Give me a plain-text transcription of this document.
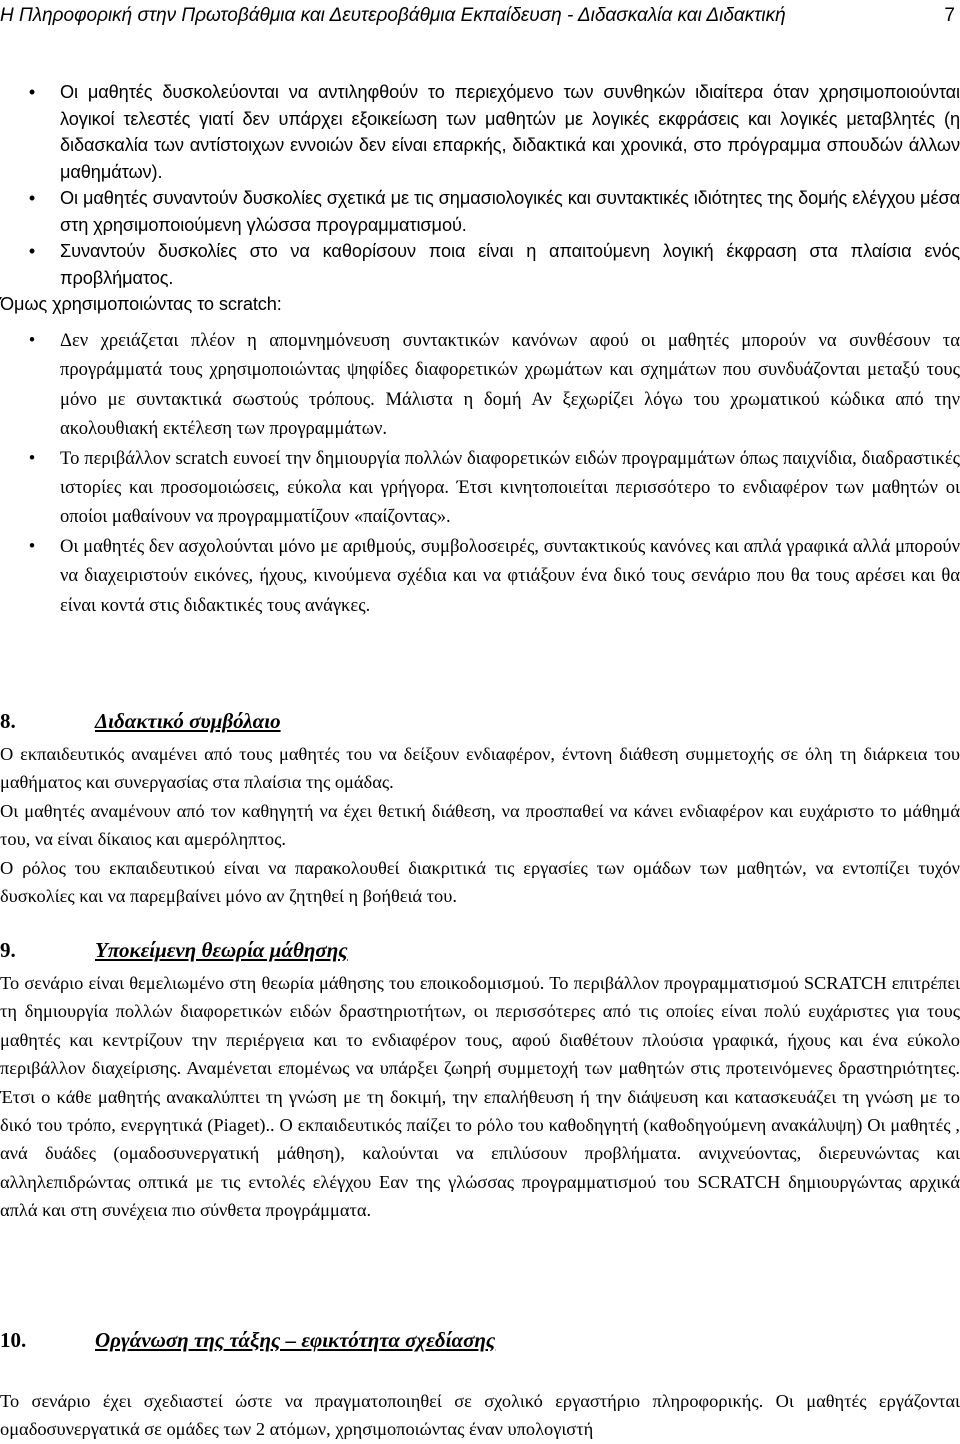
Η Πληροφορική στην Πρωτοβάθμια και Δευτεροβάθμια Εκπαίδευση - Διδασκαλία και Διδακτική	7
• Οι μαθητές δυσκολεύονται να αντιληφθούν το περιεχόμενο των συνθηκών ιδιαίτερα όταν χρησιμοποιούνται λογικοί τελεστές γιατί δεν υπάρχει εξοικείωση των μαθητών με λογικές εκφράσεις και λογικές μεταβλητές (η διδασκαλία των αντίστοιχων εννοιών δεν είναι επαρκής, διδακτικά και χρονικά, στο πρόγραμμα σπουδών άλλων μαθημάτων).
• Οι μαθητές συναντούν δυσκολίες σχετικά με τις σημασιολογικές και συντακτικές ιδιότητες της δομής ελέγχου μέσα στη χρησιμοποιούμενη γλώσσα προγραμματισμού.
• Συναντούν δυσκολίες στο να καθορίσουν ποια είναι η απαιτούμενη λογική έκφραση στα πλαίσια ενός προβλήματος.

Όμως χρησιμοποιώντας το scratch:

• Δεν χρειάζεται πλέον η απομνημόνευση συντακτικών κανόνων αφού οι μαθητές μπορούν να συνθέσουν τα προγράμματά τους χρησιμοποιώντας ψηφίδες διαφορετικών χρωμάτων και σχημάτων που συνδυάζονται μεταξύ τους μόνο με συντακτικά σωστούς τρόπους. Μάλιστα η δομή Αν ξεχωρίζει λόγω του χρωματικού κώδικα από την ακολουθιακή εκτέλεση των προγραμμάτων.
• Το περιβάλλον scratch ευνοεί την δημιουργία πολλών διαφορετικών ειδών προγραμμάτων όπως παιχνίδια, διαδραστικές ιστορίες και προσομοιώσεις, εύκολα και γρήγορα. Έτσι κινητοποιείται περισσότερο το ενδιαφέρον των μαθητών οι οποίοι μαθαίνουν να προγραμματίζουν «παίζοντας».
• Οι μαθητές δεν ασχολούνται μόνο με αριθμούς, συμβολοσειρές, συντακτικούς κανόνες και απλά γραφικά αλλά μπορούν να διαχειριστούν εικόνες, ήχους, κινούμενα σχέδια και να φτιάξουν ένα δικό τους σενάριο που θα τους αρέσει και θα είναι κοντά στις διδακτικές τους ανάγκες.
8.	Διδακτικό συμβόλαιο

Ο εκπαιδευτικός αναμένει από τους μαθητές του να δείξουν ενδιαφέρον, έντονη διάθεση συμμετοχής σε όλη τη διάρκεια του μαθήματος και συνεργασίας στα πλαίσια της ομάδας.

Οι μαθητές αναμένουν από τον καθηγητή να έχει θετική διάθεση, να προσπαθεί να κάνει ενδιαφέρον και ευχάριστο το μάθημά του, να είναι δίκαιος και αμερόληπτος.

Ο ρόλος του εκπαιδευτικού είναι να παρακολουθεί διακριτικά τις εργασίες των ομάδων των μαθητών, να εντοπίζει τυχόν δυσκολίες και να παρεμβαίνει μόνο αν ζητηθεί η βοήθειά του.

9.	Υποκείμενη θεωρία μάθησης

Το σενάριο είναι θεμελιωμένο στη θεωρία μάθησης του εποικοδομισμού. Το περιβάλλον προγραμματισμού SCRATCH επιτρέπει τη δημιουργία πολλών διαφορετικών ειδών δραστηριοτήτων, οι περισσότερες από τις οποίες είναι πολύ ευχάριστες για τους μαθητές και κεντρίζουν την περιέργεια και το ενδιαφέρον τους, αφού διαθέτουν πλούσια γραφικά, ήχους και ένα εύκολο περιβάλλον διαχείρισης. Αναμένεται επομένως να υπάρξει ζωηρή συμμετοχή των μαθητών στις προτεινόμενες δραστηριότητες. Έτσι ο κάθε μαθητής ανακαλύπτει τη γνώση με τη δοκιμή, την επαλήθευση ή την διάψευση και κατασκευάζει τη γνώση με το δικό του τρόπο, ενεργητικά (Piaget).. Ο εκπαιδευτικός παίζει το ρόλο του καθοδηγητή (καθοδηγούμενη ανακάλυψη) Οι μαθητές , ανά δυάδες (ομαδοσυνεργατική μάθηση), καλούνται να επιλύσουν προβλήματα. ανιχνεύοντας, διερευνώντας και αλληλεπιδρώντας οπτικά με τις εντολές ελέγχου Εαν της γλώσσας προγραμματισμού του SCRATCH δημιουργώντας αρχικά απλά και στη συνέχεια πιο σύνθετα προγράμματα.

10.	Οργάνωση της τάξης – εφικτότητα σχεδίασης

Το σενάριο έχει σχεδιαστεί ώστε να πραγματοποιηθεί σε σχολικό εργαστήριο πληροφορικής. Οι μαθητές εργάζονται ομαδοσυνεργατικά σε ομάδες των 2 ατόμων, χρησιμοποιώντας έναν υπολογιστή
